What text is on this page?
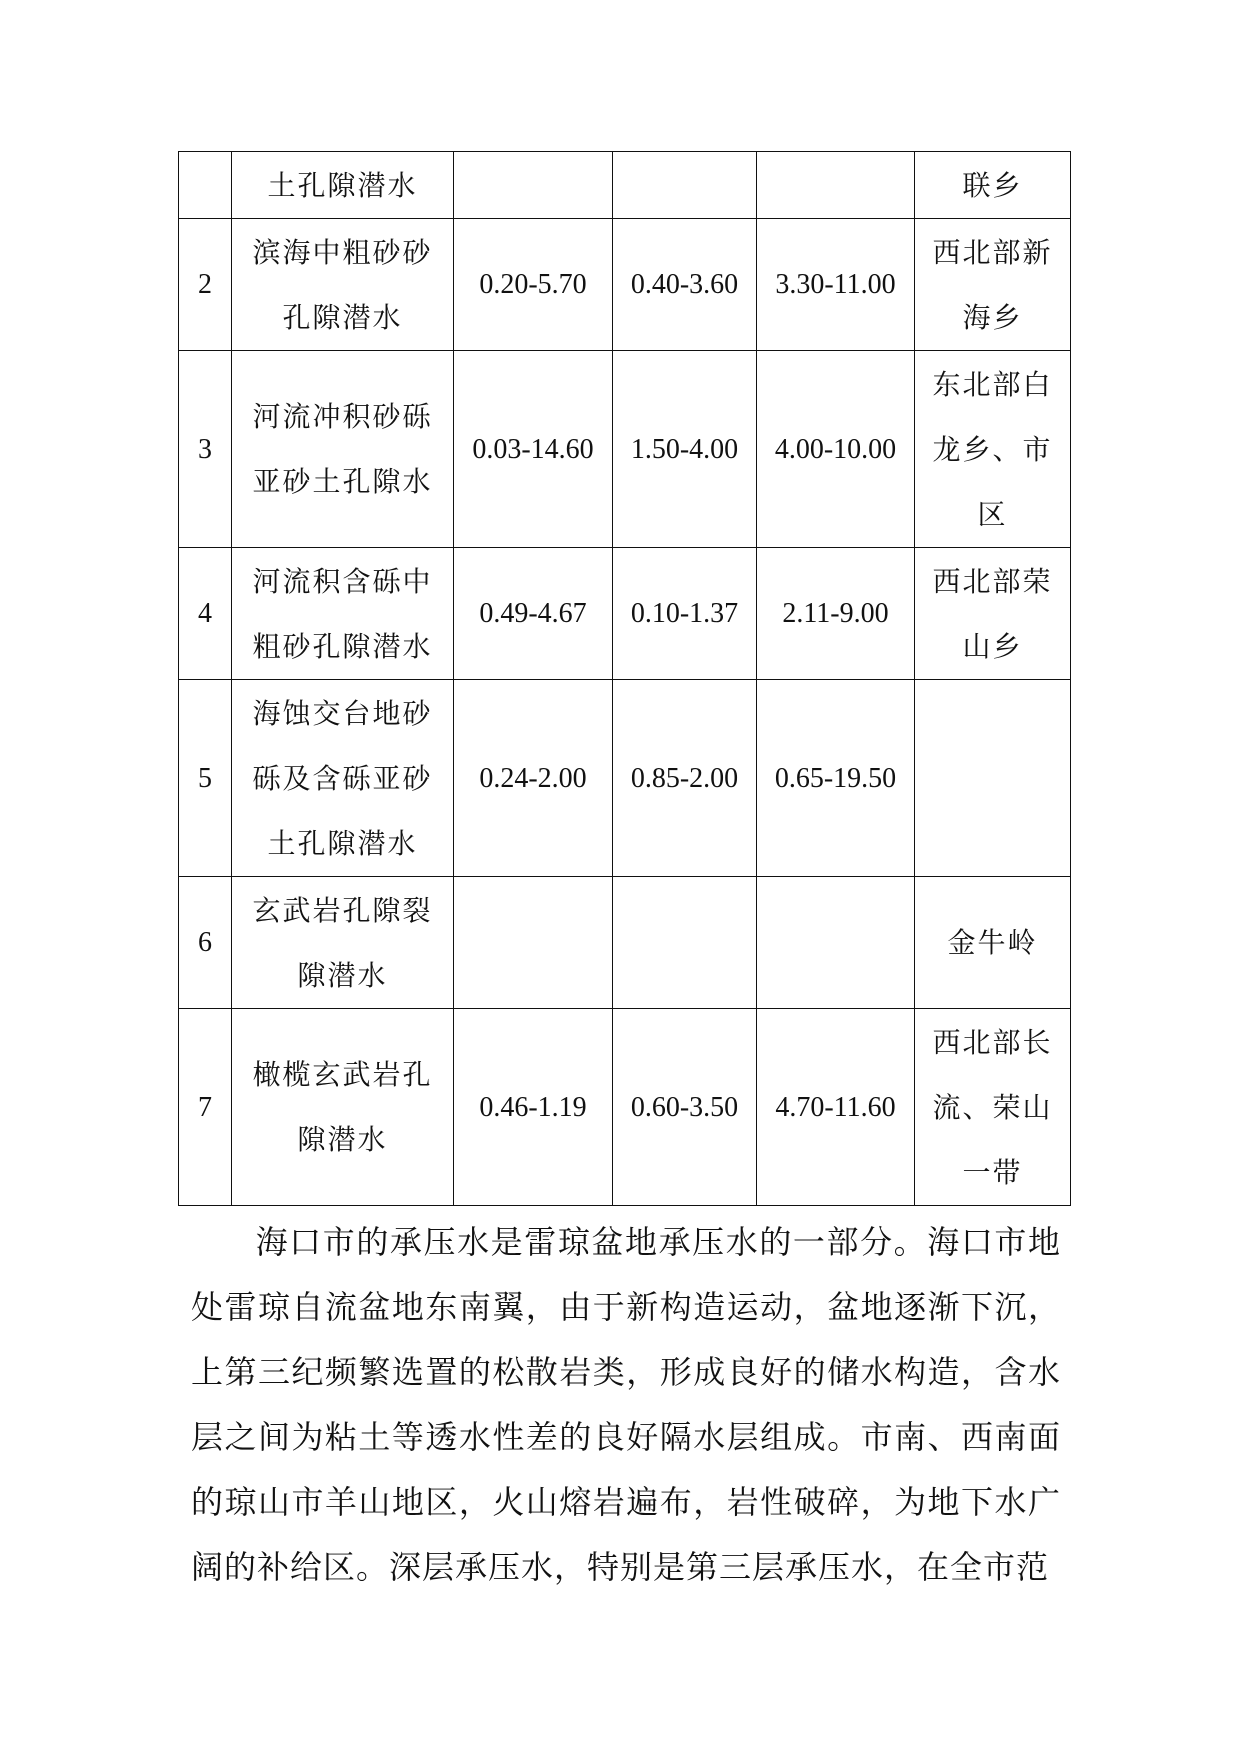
	土孔隙潜水				联乡
2	滨海中粗砂砂孔隙潜水	0.20-5.70	0.40-3.60	3.30-11.00	西北部新海乡
3	河流冲积砂砾亚砂土孔隙水	0.03-14.60	1.50-4.00	4.00-10.00	东北部白龙乡、市区
4	河流积含砾中粗砂孔隙潜水	0.49-4.67	0.10-1.37	2.11-9.00	西北部荣山乡
5	海蚀交台地砂砾及含砾亚砂土孔隙潜水	0.24-2.00	0.85-2.00	0.65-19.50	
6	玄武岩孔隙裂隙潜水				金牛岭
7	橄榄玄武岩孔隙潜水	0.46-1.19	0.60-3.50	4.70-11.60	西北部长流、荣山一带

海口市的承压水是雷琼盆地承压水的一部分。海口市地处雷琼自流盆地东南翼，由于新构造运动，盆地逐渐下沉，上第三纪频繁选置的松散岩类，形成良好的储水构造，含水层之间为粘土等透水性差的良好隔水层组成。市南、西南面的琼山市羊山地区，火山熔岩遍布，岩性破碎，为地下水广阔的补给区。深层承压水，特别是第三层承压水，在全市范
